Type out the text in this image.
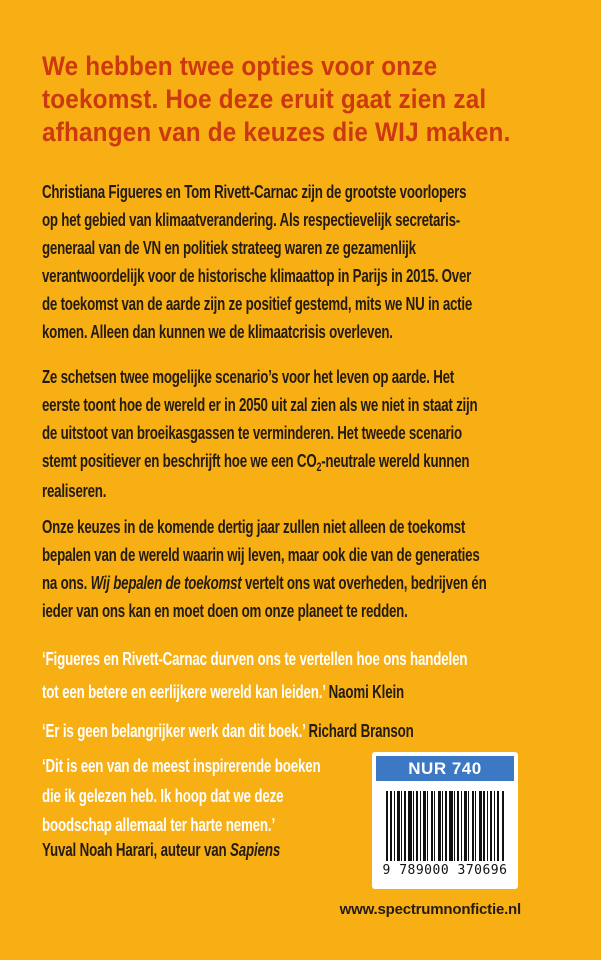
We hebben twee opties voor onze
toekomst. Hoe deze eruit gaat zien zal
afhangen van de keuzes die WIJ maken.
Christiana Figueres en Tom Rivett-Carnac zijn de grootste voorlopers
op het gebied van klimaatverandering. Als respectievelijk secretaris-
generaal van de VN en politiek strateeg waren ze gezamenlijk
verantwoordelijk voor de historische klimaattop in Parijs in 2015. Over
de toekomst van de aarde zijn ze positief gestemd, mits we NU in actie
komen. Alleen dan kunnen we de klimaatcrisis overleven.
Ze schetsen twee mogelijke scenario’s voor het leven op aarde. Het
eerste toont hoe de wereld er in 2050 uit zal zien als we niet in staat zijn
de uitstoot van broeikasgassen te verminderen. Het tweede scenario
stemt positiever en beschrijft hoe we een $CO_2$-neutrale wereld kunnen
realiseren.
Onze keuzes in de komende dertig jaar zullen niet alleen de toekomst
bepalen van de wereld waarin wij leven, maar ook die van de generaties
na ons. Wij bepalen de toekomst vertelt ons wat overheden, bedrijven én
ieder van ons kan en moet doen om onze planeet te redden.
‘Figueres en Rivett-Carnac durven ons te vertellen hoe ons handelen
tot een betere en eerlijkere wereld kan leiden.’ Naomi Klein
‘Er is geen belangrijker werk dan dit boek.’ Richard Branson
‘Dit is een van de meest inspirerende boeken
die ik gelezen heb. Ik hoop dat we deze
boodschap allemaal ter harte nemen.’
Yuval Noah Harari, auteur van Sapiens
NUR 740
9 789000 370696
www.spectrumnonfictie.nl
